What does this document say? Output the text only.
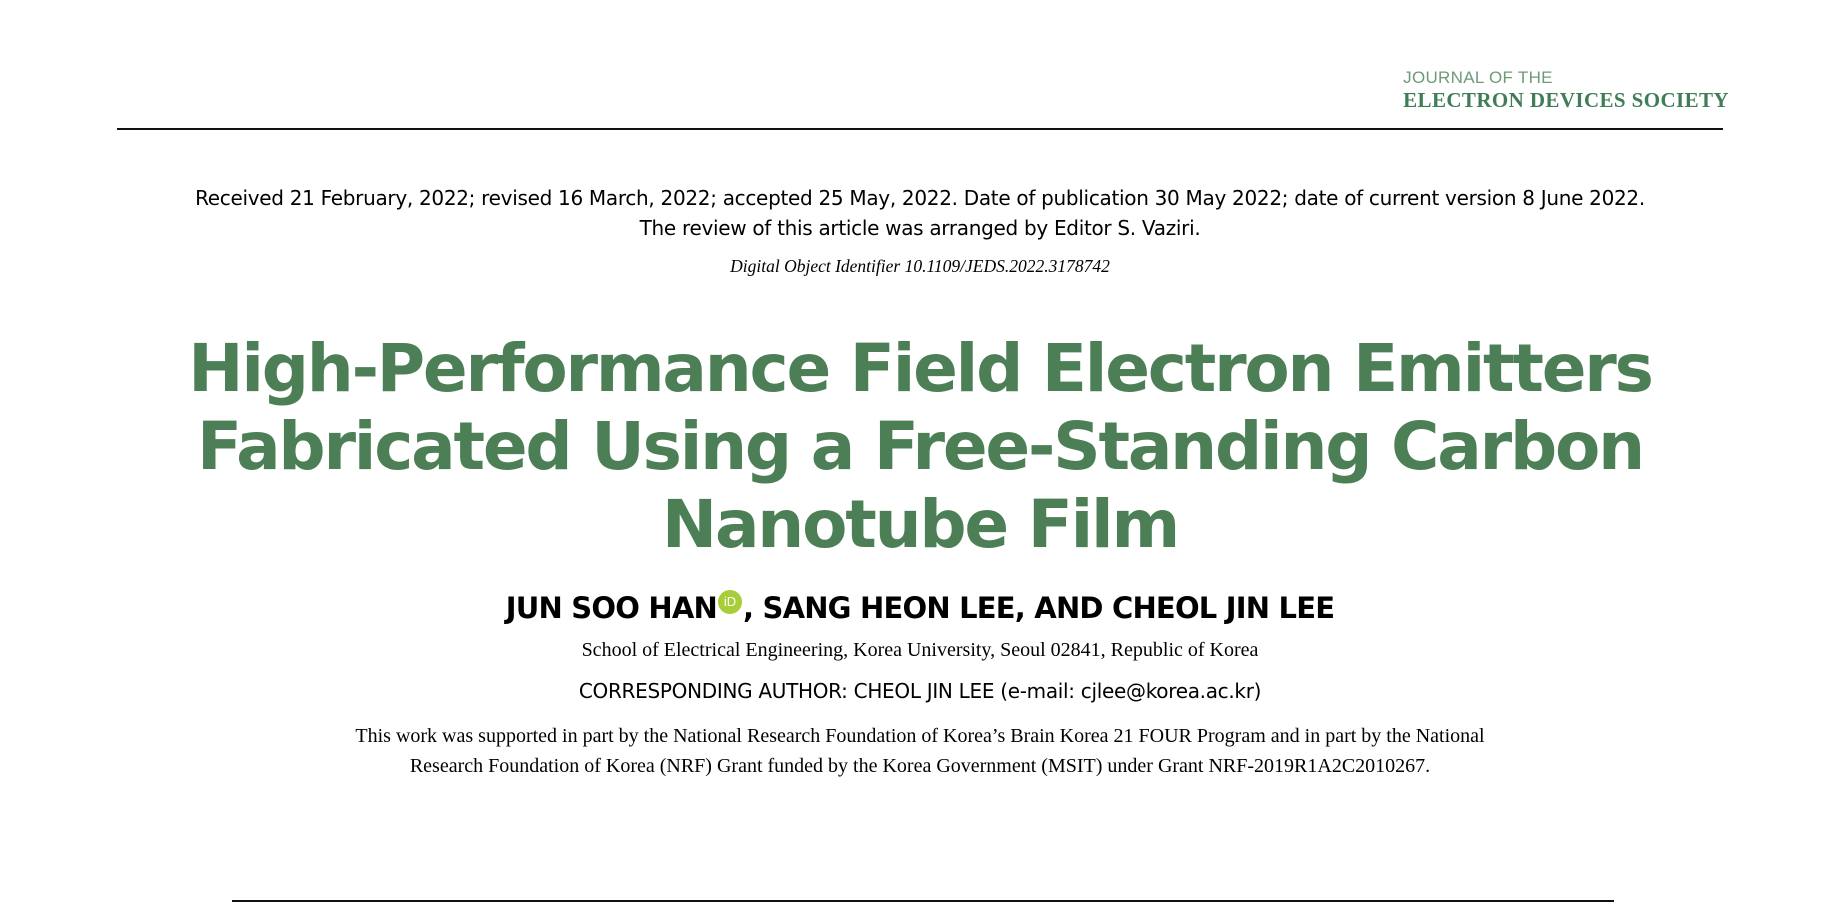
JOURNAL OF THE
ELECTRON DEVICES SOCIETY
Received 21 February, 2022; revised 16 March, 2022; accepted 25 May, 2022. Date of publication 30 May 2022; date of current version 8 June 2022.
The review of this article was arranged by Editor S. Vaziri.
Digital Object Identifier 10.1109/JEDS.2022.3178742
High-Performance Field Electron Emitters
Fabricated Using a Free-Standing Carbon
Nanotube Film
JUN SOO HAN iD , SANG HEON LEE, AND CHEOL JIN LEE
School of Electrical Engineering, Korea University, Seoul 02841, Republic of Korea
CORRESPONDING AUTHOR: CHEOL JIN LEE (e-mail: cjlee@korea.ac.kr)
This work was supported in part by the National Research Foundation of Korea’s Brain Korea 21 FOUR Program and in part by the National
Research Foundation of Korea (NRF) Grant funded by the Korea Government (MSIT) under Grant NRF-2019R1A2C2010267.
